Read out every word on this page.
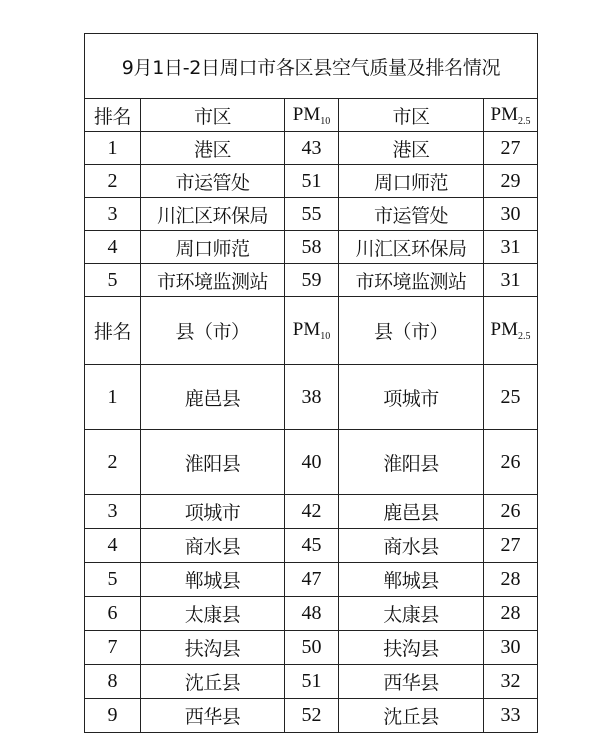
9月1日-2日周口市各区县空气质量及排名情况				
排名	市区	$PM_{10}$	市区	$PM_{2.5}$
1	港区	43	港区	27
2	市运管处	51	周口师范	29
3	川汇区环保局	55	市运管处	30
4	周口师范	58	川汇区环保局	31
5	市环境监测站	59	市环境监测站	31
排名	县（市）	$PM_{10}$	县（市）	$PM_{2.5}$
1	鹿邑县	38	项城市	25
2	淮阳县	40	淮阳县	26
3	项城市	42	鹿邑县	26
4	商水县	45	商水县	27
5	郸城县	47	郸城县	28
6	太康县	48	太康县	28
7	扶沟县	50	扶沟县	30
8	沈丘县	51	西华县	32
9	西华县	52	沈丘县	33
